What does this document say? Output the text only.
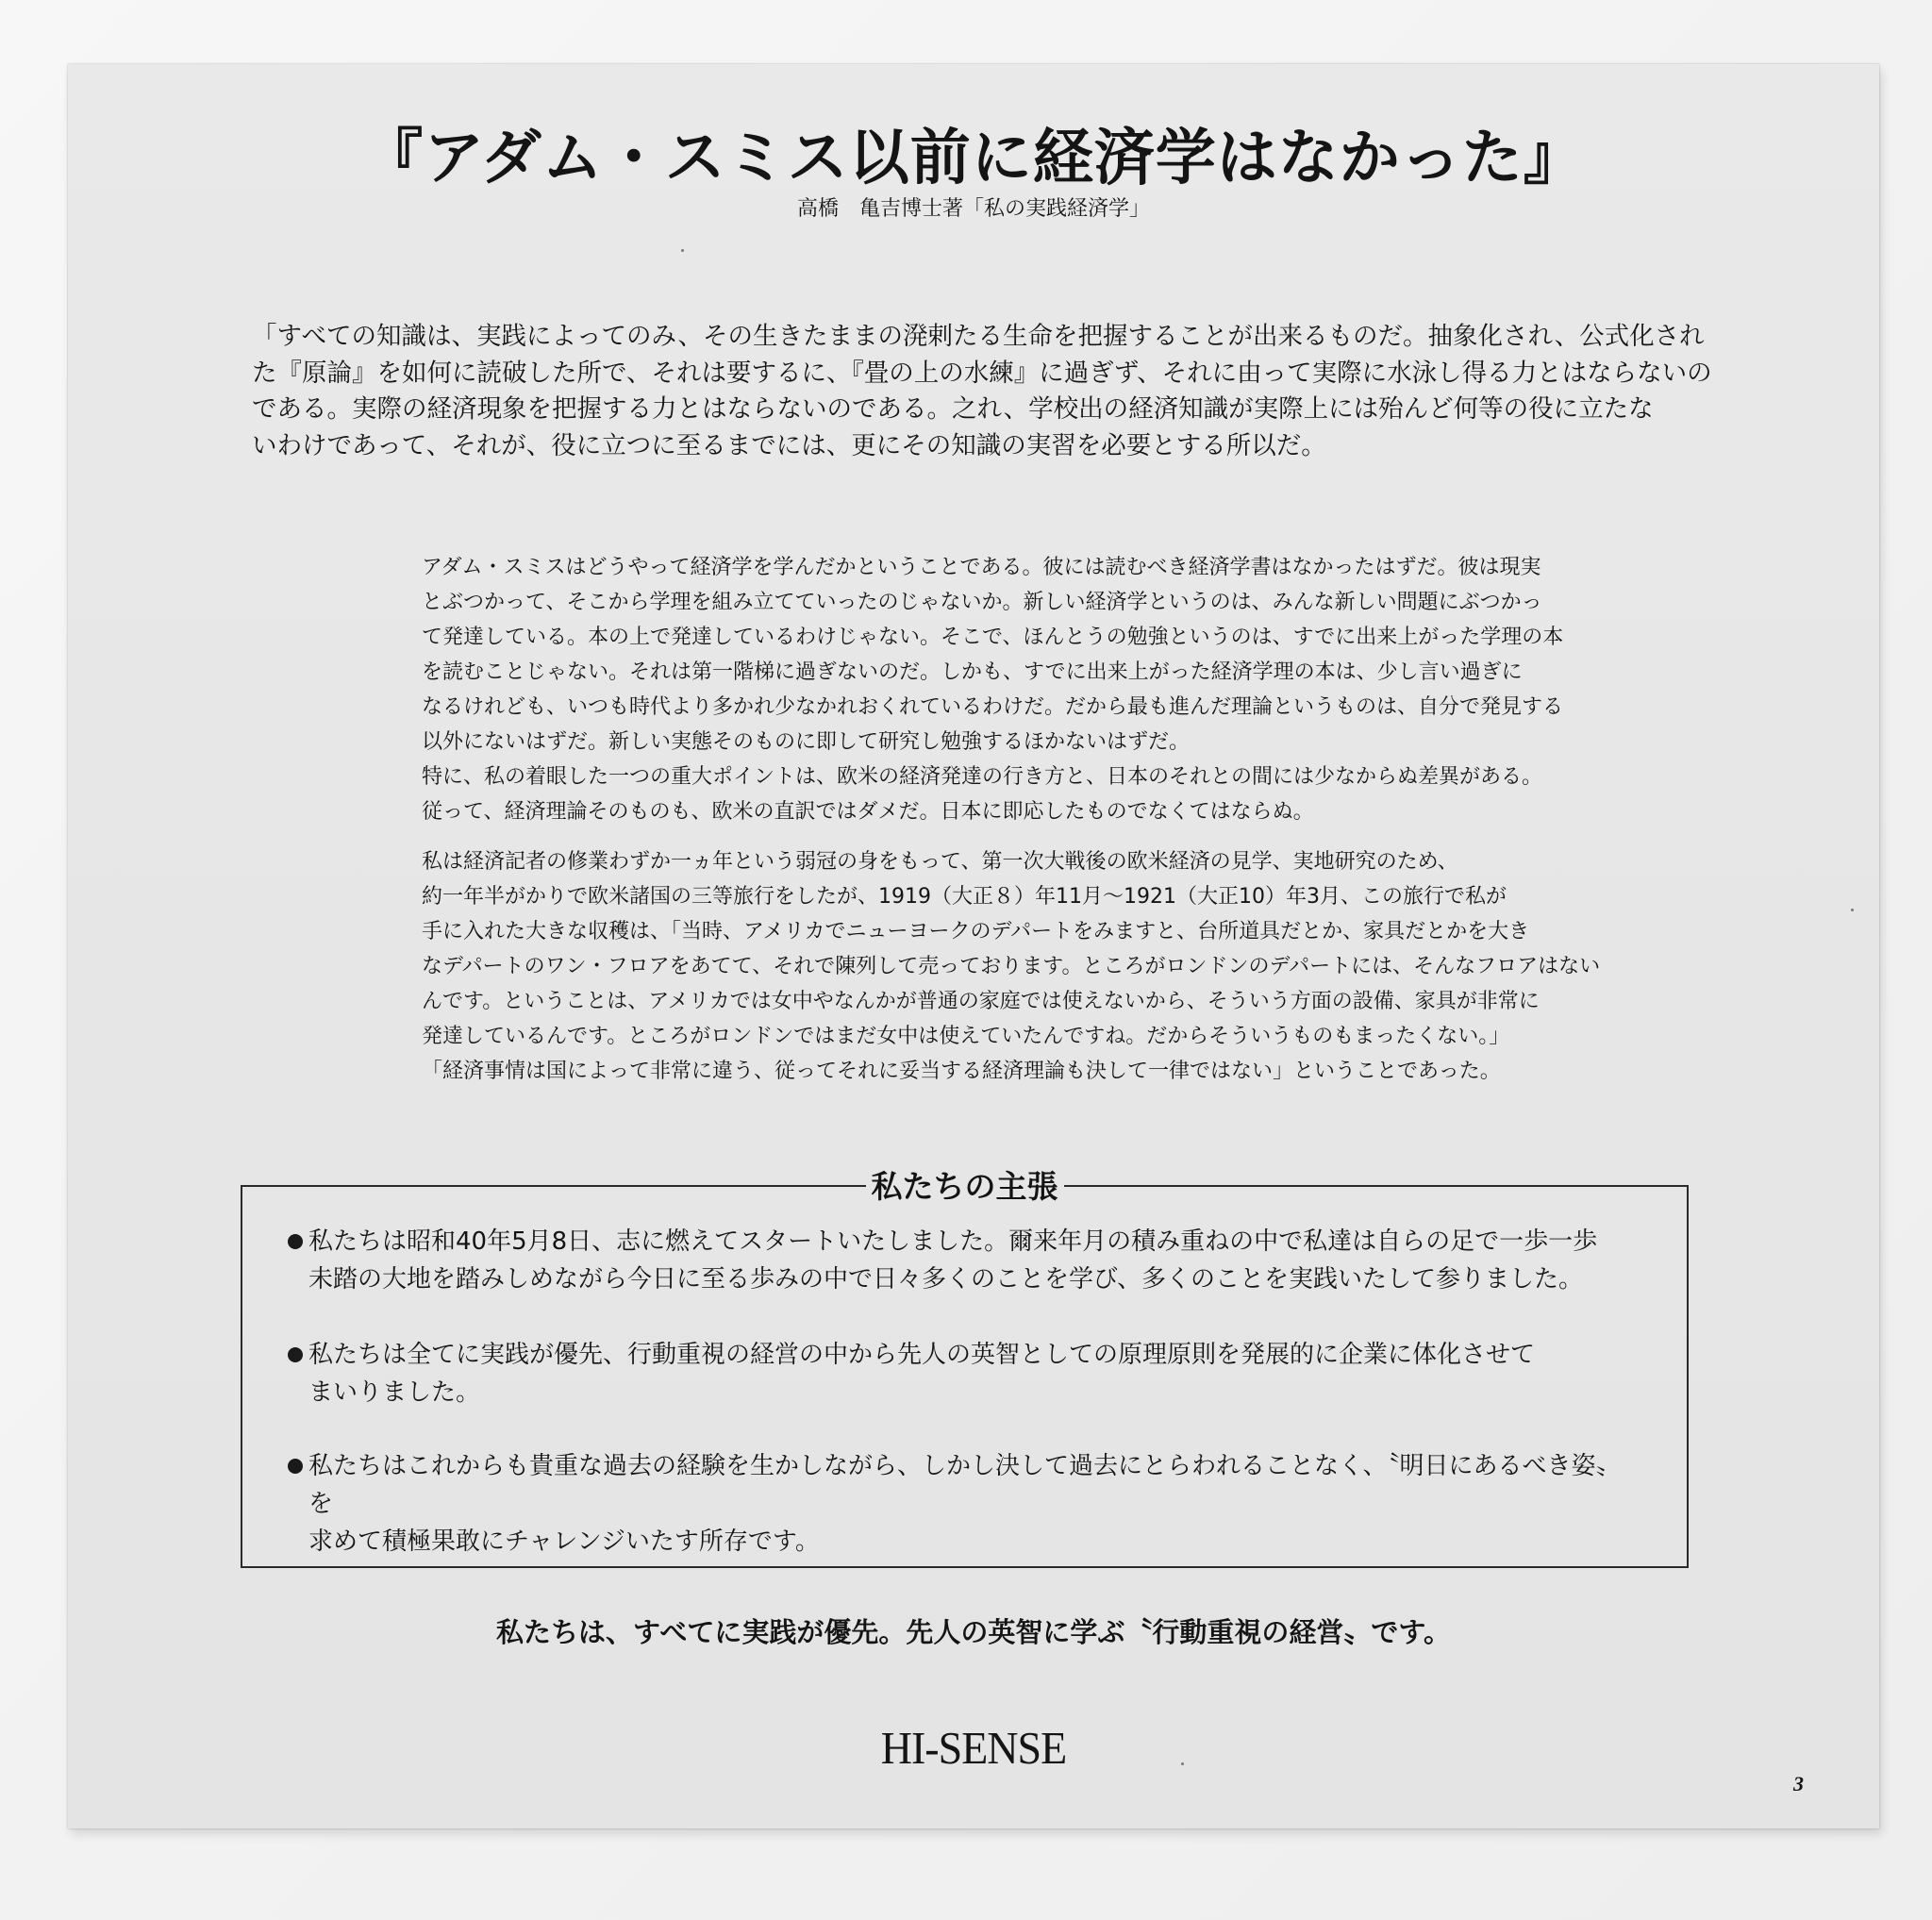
『アダム・スミス以前に経済学はなかった』
高橋　亀吉博士著「私の実践経済学」

「すべての知識は、実践によってのみ、その生きたままの溌剌たる生命を把握することが出来るものだ。抽象化され、公式化され
た『原論』を如何に読破した所で、それは要するに、『畳の上の水練』に過ぎず、それに由って実際に水泳し得る力とはならないの
である。実際の経済現象を把握する力とはならないのである。之れ、学校出の経済知識が実際上には殆んど何等の役に立たな
いわけであって、それが、役に立つに至るまでには、更にその知識の実習を必要とする所以だ。

アダム・スミスはどうやって経済学を学んだかということである。彼には読むべき経済学書はなかったはずだ。彼は現実
とぶつかって、そこから学理を組み立てていったのじゃないか。新しい経済学というのは、みんな新しい問題にぶつかっ
て発達している。本の上で発達しているわけじゃない。そこで、ほんとうの勉強というのは、すでに出来上がった学理の本
を読むことじゃない。それは第一階梯に過ぎないのだ。しかも、すでに出来上がった経済学理の本は、少し言い過ぎに
なるけれども、いつも時代より多かれ少なかれおくれているわけだ。だから最も進んだ理論というものは、自分で発見する
以外にないはずだ。新しい実態そのものに即して研究し勉強するほかないはずだ。
特に、私の着眼した一つの重大ポイントは、欧米の経済発達の行き方と、日本のそれとの間には少なからぬ差異がある。
従って、経済理論そのものも、欧米の直訳ではダメだ。日本に即応したものでなくてはならぬ。

私は経済記者の修業わずか一ヵ年という弱冠の身をもって、第一次大戦後の欧米経済の見学、実地研究のため、
約一年半がかりで欧米諸国の三等旅行をしたが、1919（大正８）年11月～1921（大正10）年3月、この旅行で私が
手に入れた大きな収穫は、「当時、アメリカでニューヨークのデパートをみますと、台所道具だとか、家具だとかを大き
なデパートのワン・フロアをあてて、それで陳列して売っております。ところがロンドンのデパートには、そんなフロアはない
んです。ということは、アメリカでは女中やなんかが普通の家庭では使えないから、そういう方面の設備、家具が非常に
発達しているんです。ところがロンドンではまだ女中は使えていたんですね。だからそういうものもまったくない。」
「経済事情は国によって非常に違う、従ってそれに妥当する経済理論も決して一律ではない」ということであった。

私たちの主張
私たちは昭和40年5月8日、志に燃えてスタートいたしました。爾来年月の積み重ねの中で私達は自らの足で一歩一歩
未踏の大地を踏みしめながら今日に至る歩みの中で日々多くのことを学び、多くのことを実践いたして参りました。
私たちは全てに実践が優先、行動重視の経営の中から先人の英智としての原理原則を発展的に企業に体化させて
まいりました。
私たちはこれからも貴重な過去の経験を生かしながら、しかし決して過去にとらわれることなく、〝明日にあるべき姿〟を
求めて積極果敢にチャレンジいたす所存です。

私たちは、すべてに実践が優先。先人の英智に学ぶ〝行動重視の経営〟です。

HI-SENSE
3
